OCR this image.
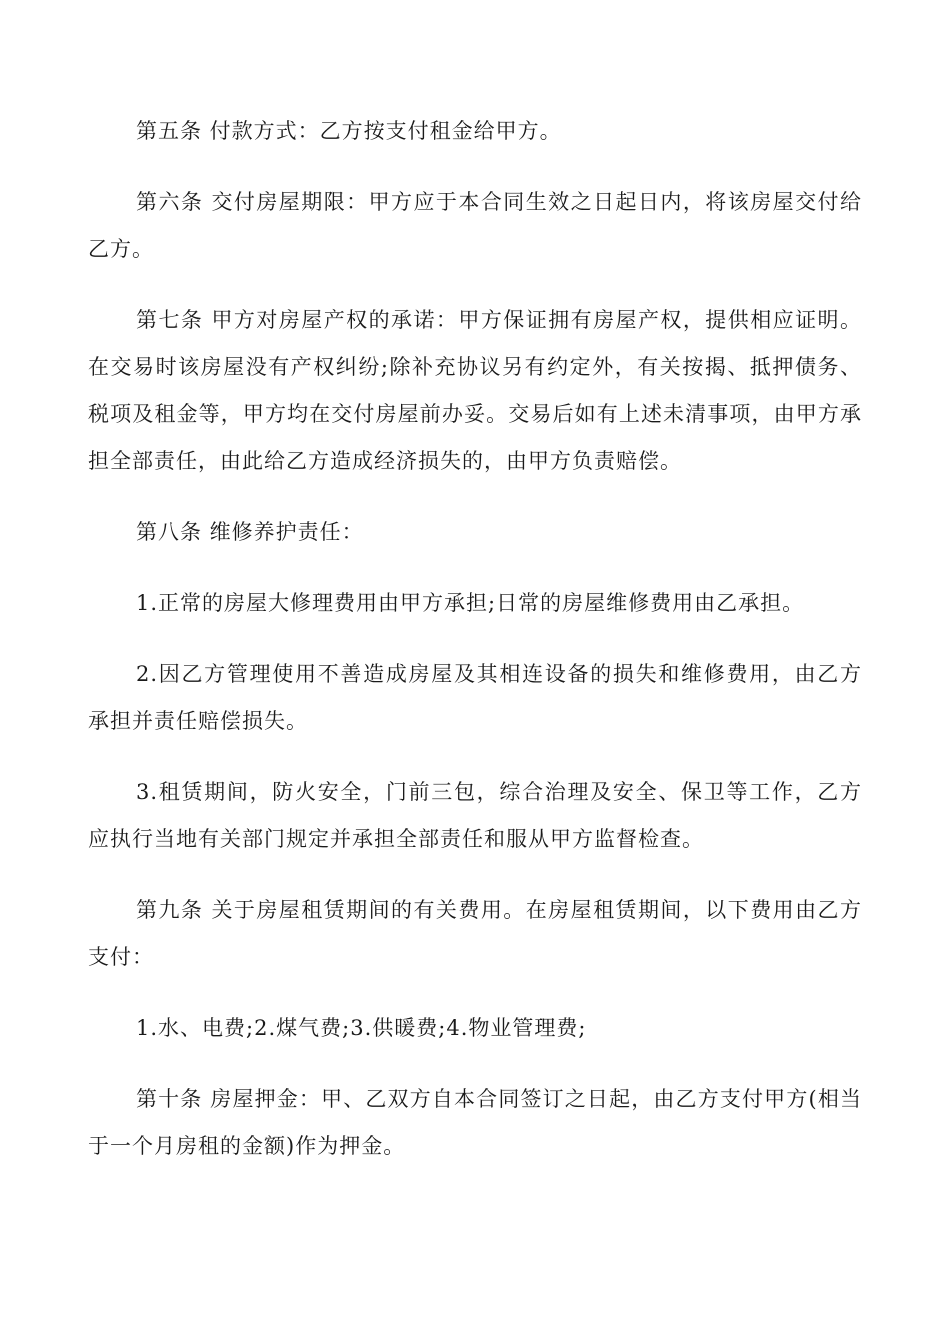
第五条 付款方式：乙方按支付租金给甲方。

第六条 交付房屋期限：甲方应于本合同生效之日起日内，将该房屋交付给乙方。

第七条 甲方对房屋产权的承诺：甲方保证拥有房屋产权，提供相应证明。在交易时该房屋没有产权纠纷;除补充协议另有约定外，有关按揭、抵押债务、税项及租金等，甲方均在交付房屋前办妥。交易后如有上述未清事项，由甲方承担全部责任，由此给乙方造成经济损失的，由甲方负责赔偿。

第八条 维修养护责任：

1.正常的房屋大修理费用由甲方承担;日常的房屋维修费用由乙承担。

2.因乙方管理使用不善造成房屋及其相连设备的损失和维修费用，由乙方承担并责任赔偿损失。

3.租赁期间，防火安全，门前三包，综合治理及安全、保卫等工作，乙方应执行当地有关部门规定并承担全部责任和服从甲方监督检查。

第九条 关于房屋租赁期间的有关费用。在房屋租赁期间，以下费用由乙方支付：

1.水、电费;2.煤气费;3.供暖费;4.物业管理费;

第十条 房屋押金：甲、乙双方自本合同签订之日起，由乙方支付甲方(相当于一个月房租的金额)作为押金。
